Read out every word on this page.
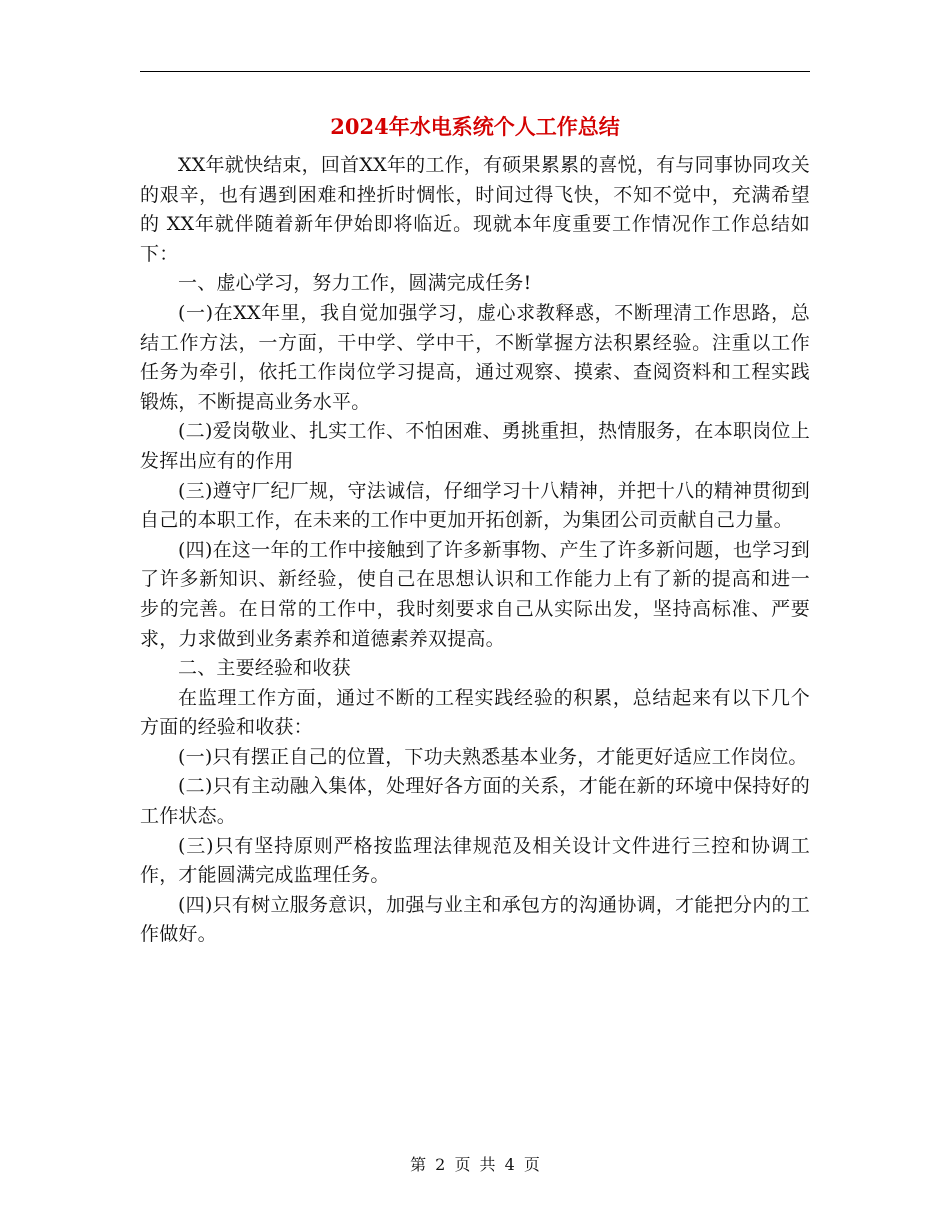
2024年水电系统个人工作总结

XX年就快结束，回首XX年的工作，有硕果累累的喜悦，有与同事协同攻关的艰辛，也有遇到困难和挫折时惆怅，时间过得飞快，不知不觉中，充满希望的 XX年就伴随着新年伊始即将临近。现就本年度重要工作情况作工作总结如下：

一、虚心学习，努力工作，圆满完成任务!

(一)在XX年里，我自觉加强学习，虚心求教释惑，不断理清工作思路，总结工作方法，一方面，干中学、学中干，不断掌握方法积累经验。注重以工作任务为牵引，依托工作岗位学习提高，通过观察、摸索、查阅资料和工程实践锻炼，不断提高业务水平。

(二)爱岗敬业、扎实工作、不怕困难、勇挑重担，热情服务，在本职岗位上发挥出应有的作用

(三)遵守厂纪厂规，守法诚信，仔细学习十八精神，并把十八的精神贯彻到自己的本职工作，在未来的工作中更加开拓创新，为集团公司贡献自己力量。

(四)在这一年的工作中接触到了许多新事物、产生了许多新问题，也学习到了许多新知识、新经验，使自己在思想认识和工作能力上有了新的提高和进一步的完善。在日常的工作中，我时刻要求自己从实际出发，坚持高标准、严要求，力求做到业务素养和道德素养双提高。

二、主要经验和收获

在监理工作方面，通过不断的工程实践经验的积累，总结起来有以下几个方面的经验和收获：

(一)只有摆正自己的位置，下功夫熟悉基本业务，才能更好适应工作岗位。

(二)只有主动融入集体，处理好各方面的关系，才能在新的环境中保持好的工作状态。

(三)只有坚持原则严格按监理法律规范及相关设计文件进行三控和协调工作，才能圆满完成监理任务。

(四)只有树立服务意识，加强与业主和承包方的沟通协调，才能把分内的工作做好。

第 2 页 共 4 页
